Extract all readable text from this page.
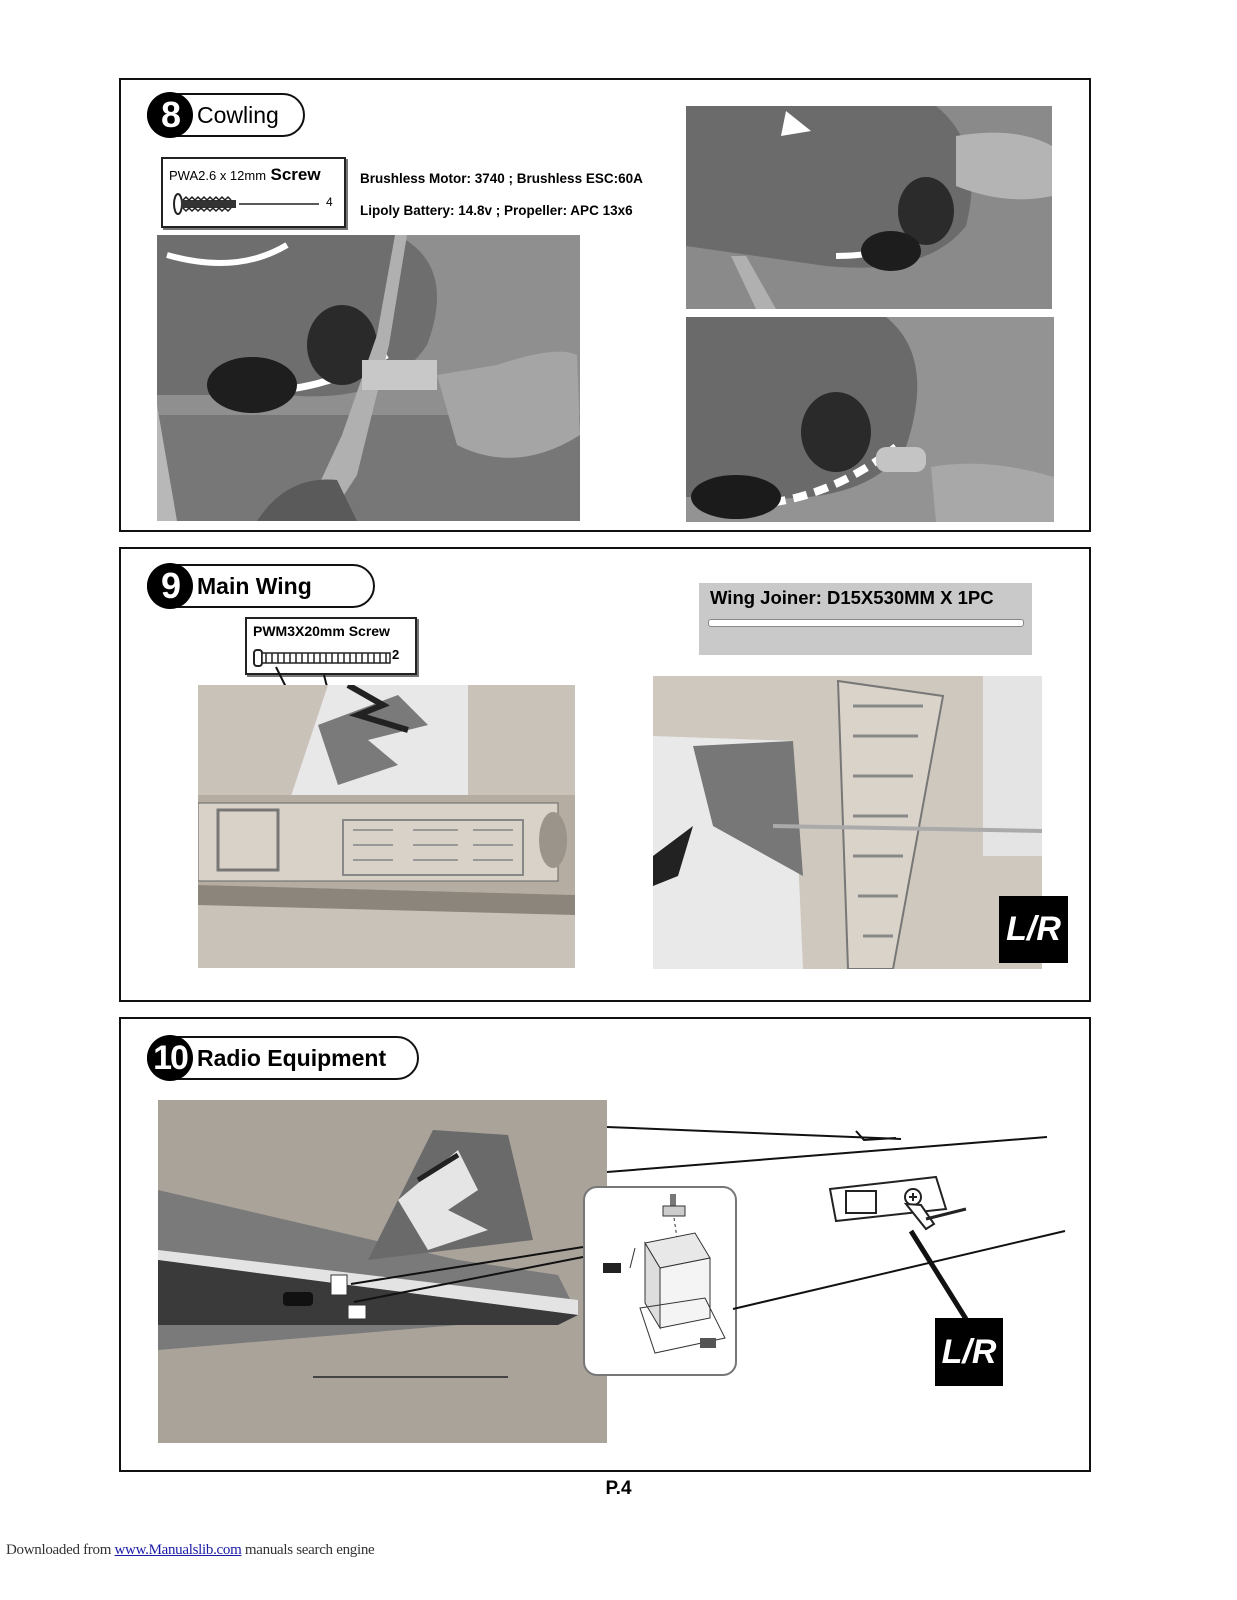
8 Cowling
PWA2.6 x 12mm Screw
4
Brushless Motor: 3740 ; Brushless ESC:60A
Lipoly Battery: 14.8v ; Propeller: APC 13x6
9 Main Wing
PWM3X20mm Screw
2
Wing Joiner: D15X530MM X 1PC
L/R
10 Radio Equipment
L/R
P.4
Downloaded from www.Manualslib.com manuals search engine
